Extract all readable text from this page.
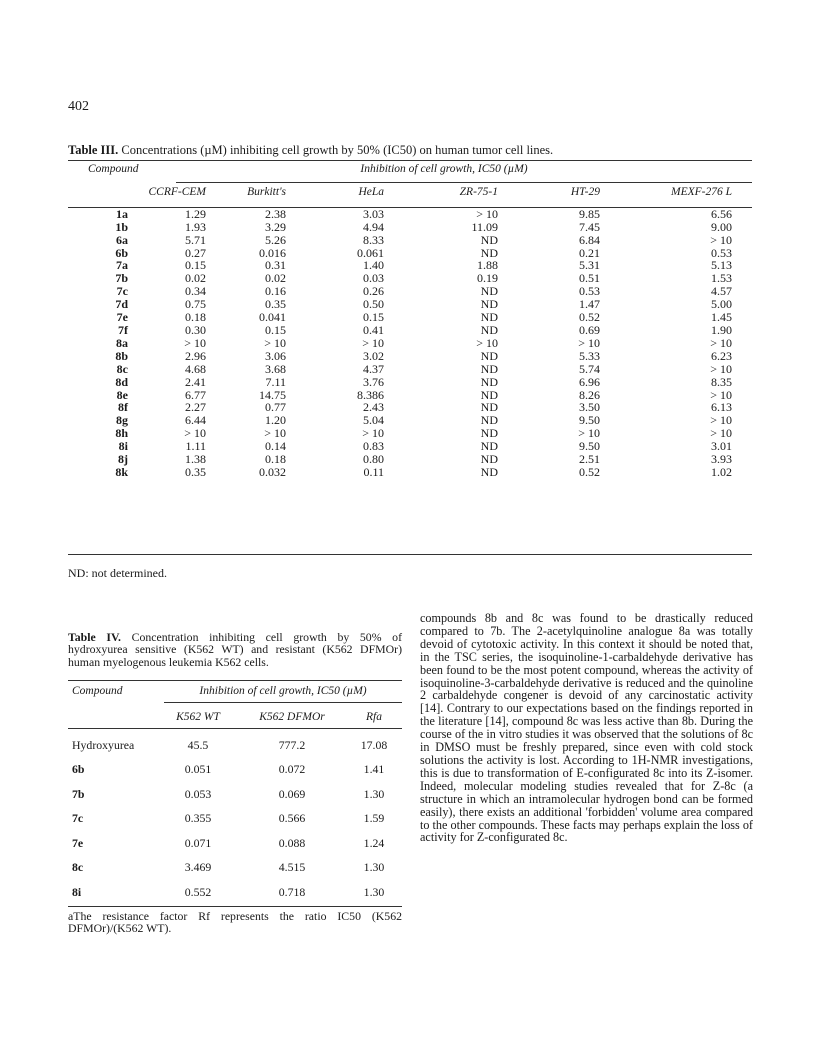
402
Table III. Concentrations (µM) inhibiting cell growth by 50% (IC50) on human tumor cell lines.
Compound	Inhibition of cell growth, IC50 (µM)
	CCRF-CEM	Burkitt's	HeLa	ZR-75-1	HT-29	MEXF-276 L
1a	1.29	2.38	3.03	> 10	9.85	6.56
1b	1.93	3.29	4.94	11.09	7.45	9.00
6a	5.71	5.26	8.33	ND	6.84	> 10
6b	0.27	0.016	0.061	ND	0.21	0.53
7a	0.15	0.31	1.40	1.88	5.31	5.13
7b	0.02	0.02	0.03	0.19	0.51	1.53
7c	0.34	0.16	0.26	ND	0.53	4.57
7d	0.75	0.35	0.50	ND	1.47	5.00
7e	0.18	0.041	0.15	ND	0.52	1.45
7f	0.30	0.15	0.41	ND	0.69	1.90
8a	> 10	> 10	> 10	> 10	> 10	> 10
8b	2.96	3.06	3.02	ND	5.33	6.23
8c	4.68	3.68	4.37	ND	5.74	> 10
8d	2.41	7.11	3.76	ND	6.96	8.35
8e	6.77	14.75	8.386	ND	8.26	> 10
8f	2.27	0.77	2.43	ND	3.50	6.13
8g	6.44	1.20	5.04	ND	9.50	> 10
8h	> 10	> 10	> 10	ND	> 10	> 10
8i	1.11	0.14	0.83	ND	9.50	3.01
8j	1.38	0.18	0.80	ND	2.51	3.93
8k	0.35	0.032	0.11	ND	0.52	1.02
ND: not determined.
Table IV. Concentration inhibiting cell growth by 50% of hydroxyurea sensitive (K562 WT) and resistant (K562 DFMOr) human myelogenous leukemia K562 cells.
Compound	Inhibition of cell growth, IC50 (µM)
	K562 WT	K562 DFMOr	Rfa
Hydroxyurea	45.5	777.2	17.08
6b	0.051	0.072	1.41
7b	0.053	0.069	1.30
7c	0.355	0.566	1.59
7e	0.071	0.088	1.24
8c	3.469	4.515	1.30
8i	0.552	0.718	1.30
aThe resistance factor Rf represents the ratio IC50 (K562 DFMOr)/(K562 WT).
compounds 8b and 8c was found to be drastically reduced compared to 7b. The 2-acetylquinoline analogue 8a was totally devoid of cytotoxic activity. In this context it should be noted that, in the TSC series, the isoquinoline-1-carbaldehyde derivative has been found to be the most potent compound, whereas the activity of isoquinoline-3-carbaldehyde derivative is reduced and the quinoline 2 carbaldehyde congener is devoid of any carcinostatic activity [14]. Contrary to our expectations based on the findings reported in the literature [14], compound 8c was less active than 8b. During the course of the in vitro studies it was observed that the solutions of 8c in DMSO must be freshly prepared, since even with cold stock solutions the activity is lost. According to 1H-NMR investigations, this is due to transformation of E-configurated 8c into its Z-isomer. Indeed, molecular modeling studies revealed that for Z-8c (a structure in which an intramolecular hydrogen bond can be formed easily), there exists an additional 'forbidden' volume area compared to the other compounds. These facts may perhaps explain the loss of activity for Z-configurated 8c.
